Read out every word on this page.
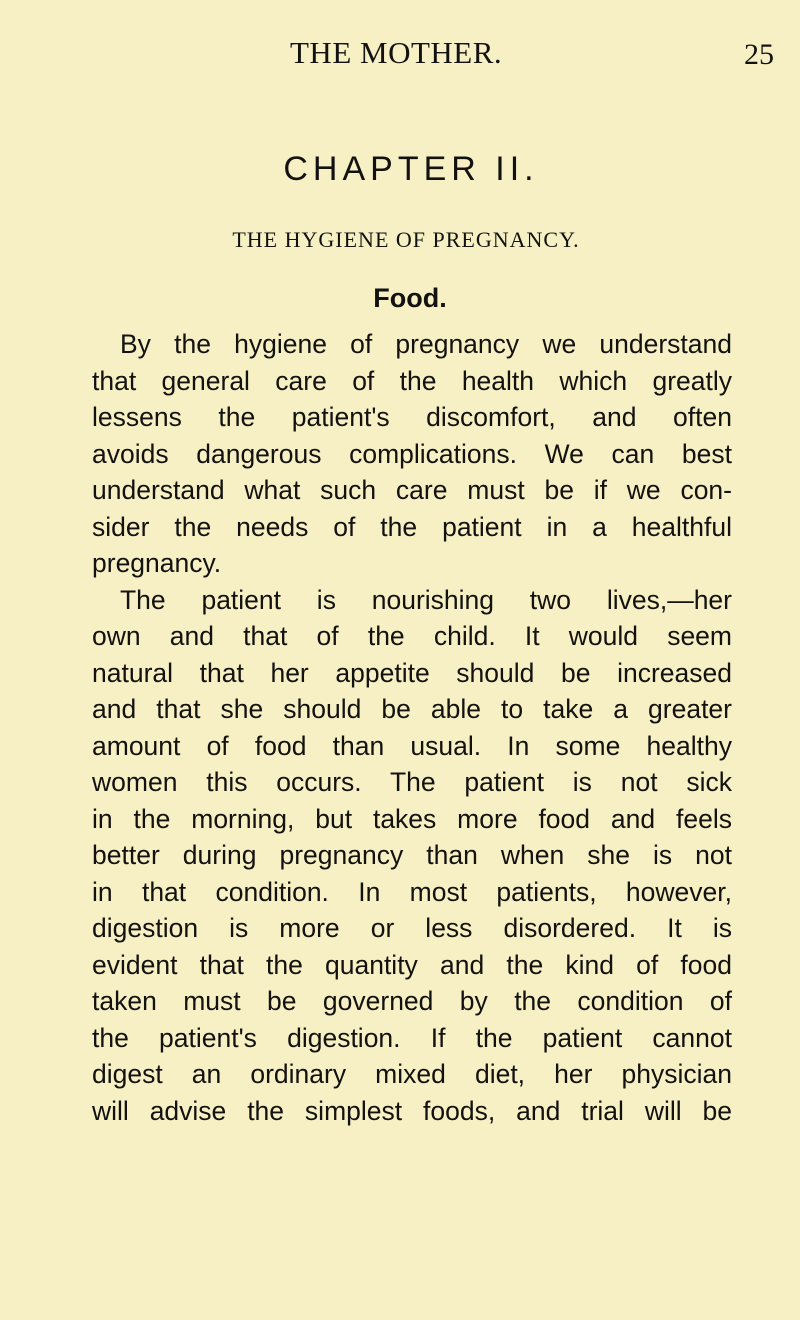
THE MOTHER.	25
CHAPTER II.
THE HYGIENE OF PREGNANCY.
Food.
By the hygiene of pregnancy we understand
that general care of the health which greatly
lessens the patient's discomfort, and often
avoids dangerous complications. We can best
understand what such care must be if we con-
sider the needs of the patient in a healthful
pregnancy.
The patient is nourishing two lives,—her
own and that of the child. It would seem
natural that her appetite should be increased
and that she should be able to take a greater
amount of food than usual. In some healthy
women this occurs. The patient is not sick
in the morning, but takes more food and feels
better during pregnancy than when she is not
in that condition. In most patients, however,
digestion is more or less disordered. It is
evident that the quantity and the kind of food
taken must be governed by the condition of
the patient's digestion. If the patient cannot
digest an ordinary mixed diet, her physician
will advise the simplest foods, and trial will be
